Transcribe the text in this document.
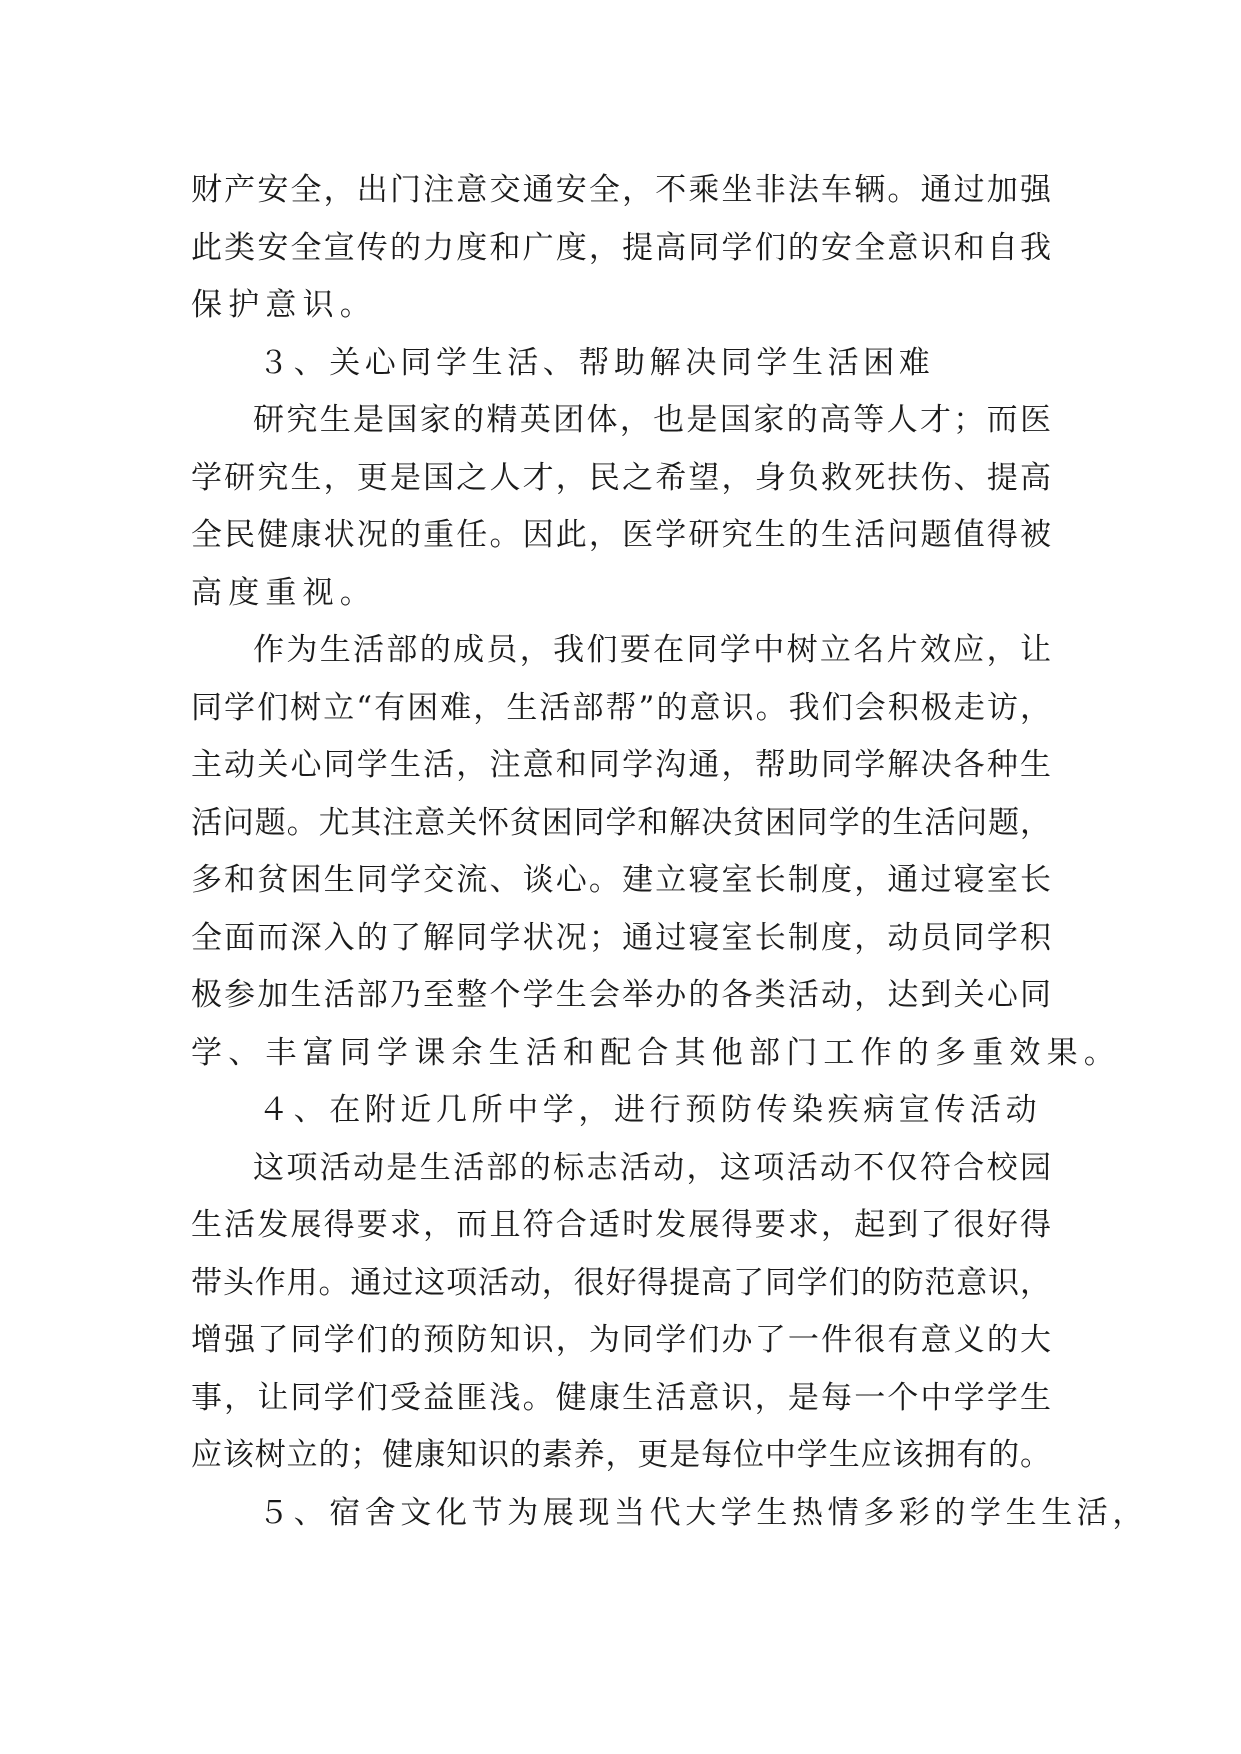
财产安全，出门注意交通安全，不乘坐非法车辆。通过加强
此类安全宣传的力度和广度，提高同学们的安全意识和自我
保护意识。
３、关心同学生活、帮助解决同学生活困难
研究生是国家的精英团体，也是国家的高等人才；而医
学研究生，更是国之人才，民之希望，身负救死扶伤、提高
全民健康状况的重任。因此，医学研究生的生活问题值得被
高度重视。
作为生活部的成员，我们要在同学中树立名片效应，让
同学们树立“有困难，生活部帮”的意识。我们会积极走访，
主动关心同学生活，注意和同学沟通，帮助同学解决各种生
活问题。尤其注意关怀贫困同学和解决贫困同学的生活问题，
多和贫困生同学交流、谈心。建立寝室长制度，通过寝室长
全面而深入的了解同学状况；通过寝室长制度，动员同学积
极参加生活部乃至整个学生会举办的各类活动，达到关心同
学、丰富同学课余生活和配合其他部门工作的多重效果。
４、在附近几所中学，进行预防传染疾病宣传活动
这项活动是生活部的标志活动，这项活动不仅符合校园
生活发展得要求，而且符合适时发展得要求，起到了很好得
带头作用。通过这项活动，很好得提高了同学们的防范意识，
增强了同学们的预防知识，为同学们办了一件很有意义的大
事，让同学们受益匪浅。健康生活意识，是每一个中学学生
应该树立的；健康知识的素养，更是每位中学生应该拥有的。
５、宿舍文化节为展现当代大学生热情多彩的学生生活，
